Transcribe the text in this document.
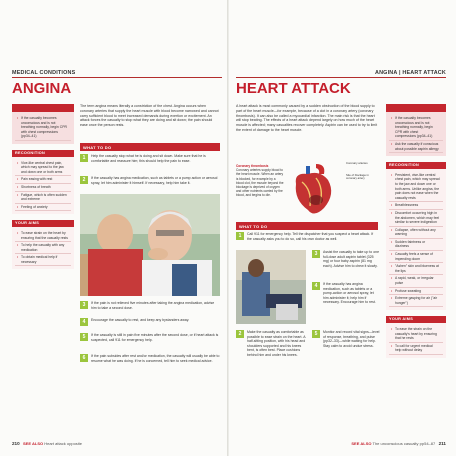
MEDICAL CONDITIONS
ANGINA
• If the casualty becomes unconscious and is not breathing normally, begin CPR with chest compressions (pp34–41)
RECOGNITION
• Vice-like central chest pain, which may spread to the jaw and down one or both arms
• Pain easing with rest
• Shortness of breath
• Fatigue, which is often sudden and extreme
• Feeling of anxiety
YOUR AIMS
• To ease strain on the heart by ensuring that the casualty rests
• To help the casualty with any medication
• To obtain medical help if necessary
The term angina means literally a constriction of the chest. Angina occurs when coronary arteries that supply the heart muscle with blood become narrowed and cannot carry sufficient blood to meet increased demands during exertion or excitement. An attack forces the casualty to stop what they are doing and sit down; the pain should ease once the person rests.
WHAT TO DO
1	Help the casualty stop what he is doing and sit down. Make sure that he is comfortable and reassure him; this should help the pain to ease.
2	If the casualty has angina medication, such as tablets or a pump action or aerosol spray, let him administer it himself. If necessary, help him take it.
3	If the pain is not relieved five minutes after taking the angina medication, advise him to take a second dose.
4	Encourage the casualty to rest, and keep any bystanders away.
5	If the casualty is still in pain five minutes after the second dose, or if heart attack is suspected, call 911 for emergency help.
6	If the pain subsides after rest and/or medication, the casualty will usually be able to resume what he was doing. If he is concerned, tell him to seek medical advice.
210 SEE ALSO Heart attack opposite
ANGINA | HEART ATTACK
HEART ATTACK
A heart attack is most commonly caused by a sudden obstruction of the blood supply to part of the heart muscle—for example, because of a clot in a coronary artery (coronary thrombosis). It can also be called a myocardial infarction. The main risk is that the heart will stop beating. The effects of a heart attack depend largely on how much of the heart muscle is affected; many casualties recover completely. Aspirin can be used to try to limit the extent of damage to the heart muscle.
• If the casualty becomes unconscious and is not breathing normally, begin CPR with chest compressions (pp34–41)
• Ask the casualty if conscious about possible aspirin allergy
RECOGNITION
• Persistent, vise-like central chest pain, which may spread to the jaw and down one or both arms. Unlike angina, the pain does not ease when the casualty rests
• Breathlessness
• Discomfort occurring high in the abdomen, which may feel similar to severe indigestion
• Collapse, often without any warning
• Sudden faintness or dizziness
• Casualty feels a sense of impending doom
• "Ashen" skin and blueness at the lips
• A rapid, weak, or irregular pulse
• Profuse sweating
• Extreme gasping for air ("air hunger")
YOUR AIMS
• To ease the strain on the casualty's heart by ensuring that he rests
• To call for urgent medical help without delay
Coronary thrombosis
Coronary arteries supply blood to the heart muscle. When an artery is blocked, for example by a blood clot, the muscle beyond the blockage is deprived of oxygen and other nutrients carried by the blood, and begins to die.
Coronary arteries
Site of blockage in coronary artery
WHAT TO DO
1	Call 911 for emergency help. Tell the dispatcher that you suspect a heart attack. If the casualty asks you to do so, call his own doctor as well.
3	Assist the casualty to take up to one full-dose adult aspirin tablet (325 mg) or four baby aspirin (81 mg each). Advise him to chew it slowly.
4	If the casualty has angina medication, such as tablets or a pump-action or aerosol spray, let him administer it; help him if necessary. Encourage him to rest.
2	Make the casualty as comfortable as possible to ease strain on the heart. A half-sitting position, with his head and shoulders supported and his knees bent, is often best. Place cushions behind him and under his knees.
5	Monitor and record vital signs—level of response, breathing, and pulse (pp32–33)—while waiting for help. Stay calm to avoid undue stress.
SEE ALSO The unconscious casualty pp54–87 211
